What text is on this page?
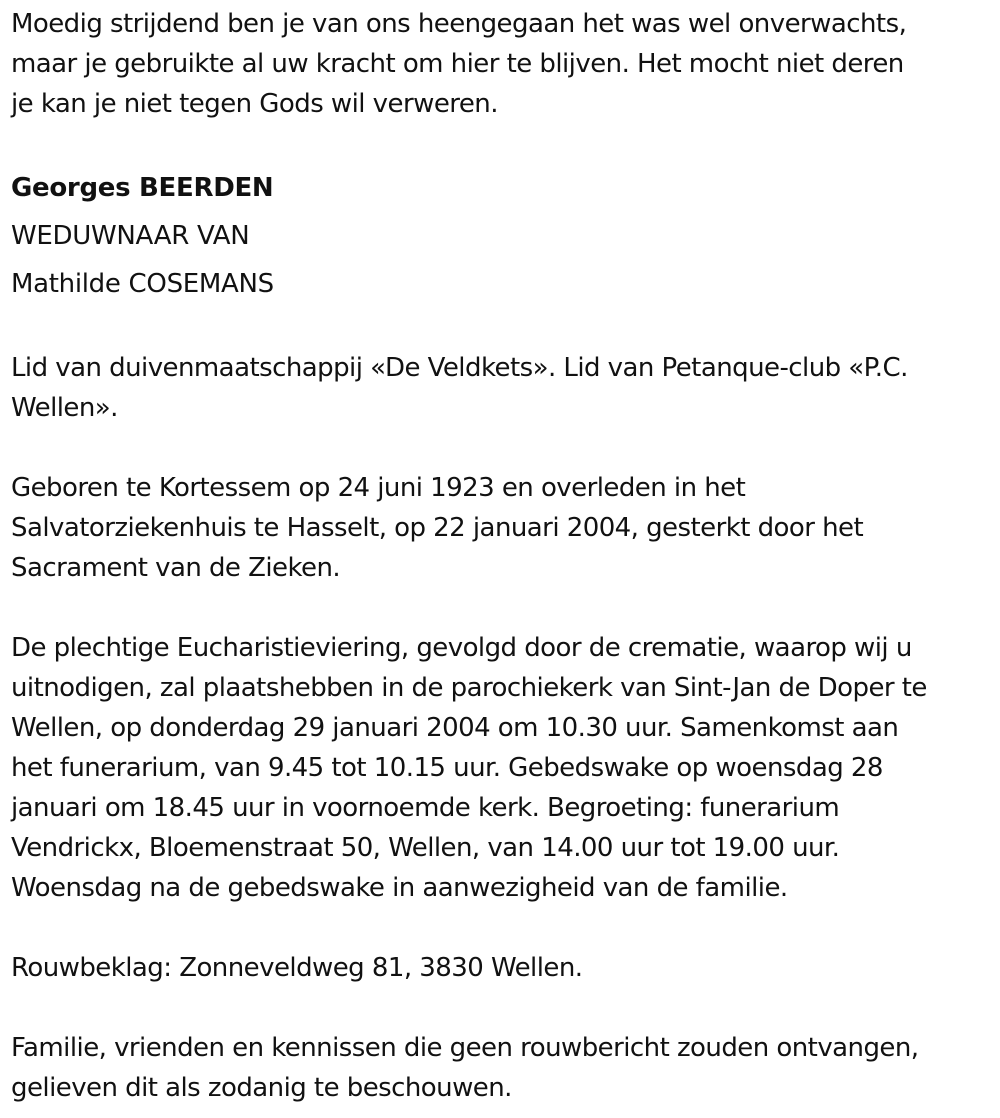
Moedig strijdend ben je van ons heengegaan het was wel onverwachts,
maar je gebruikte al uw kracht om hier te blijven. Het mocht niet deren
je kan je niet tegen Gods wil verweren.

Georges BEERDEN

WEDUWNAAR VAN

Mathilde COSEMANS

Lid van duivenmaatschappij «De Veldkets». Lid van Petanque-club «P.C.
Wellen».

Geboren te Kortessem op 24 juni 1923 en overleden in het
Salvatorziekenhuis te Hasselt, op 22 januari 2004, gesterkt door het
Sacrament van de Zieken.

De plechtige Eucharistieviering, gevolgd door de crematie, waarop wij u
uitnodigen, zal plaatshebben in de parochiekerk van Sint-Jan de Doper te
Wellen, op donderdag 29 januari 2004 om 10.30 uur. Samenkomst aan
het funerarium, van 9.45 tot 10.15 uur. Gebedswake op woensdag 28
januari om 18.45 uur in voornoemde kerk. Begroeting: funerarium
Vendrickx, Bloemenstraat 50, Wellen, van 14.00 uur tot 19.00 uur.
Woensdag na de gebedswake in aanwezigheid van de familie.

Rouwbeklag: Zonneveldweg 81, 3830 Wellen.

Familie, vrienden en kennissen die geen rouwbericht zouden ontvangen,
gelieven dit als zodanig te beschouwen.
